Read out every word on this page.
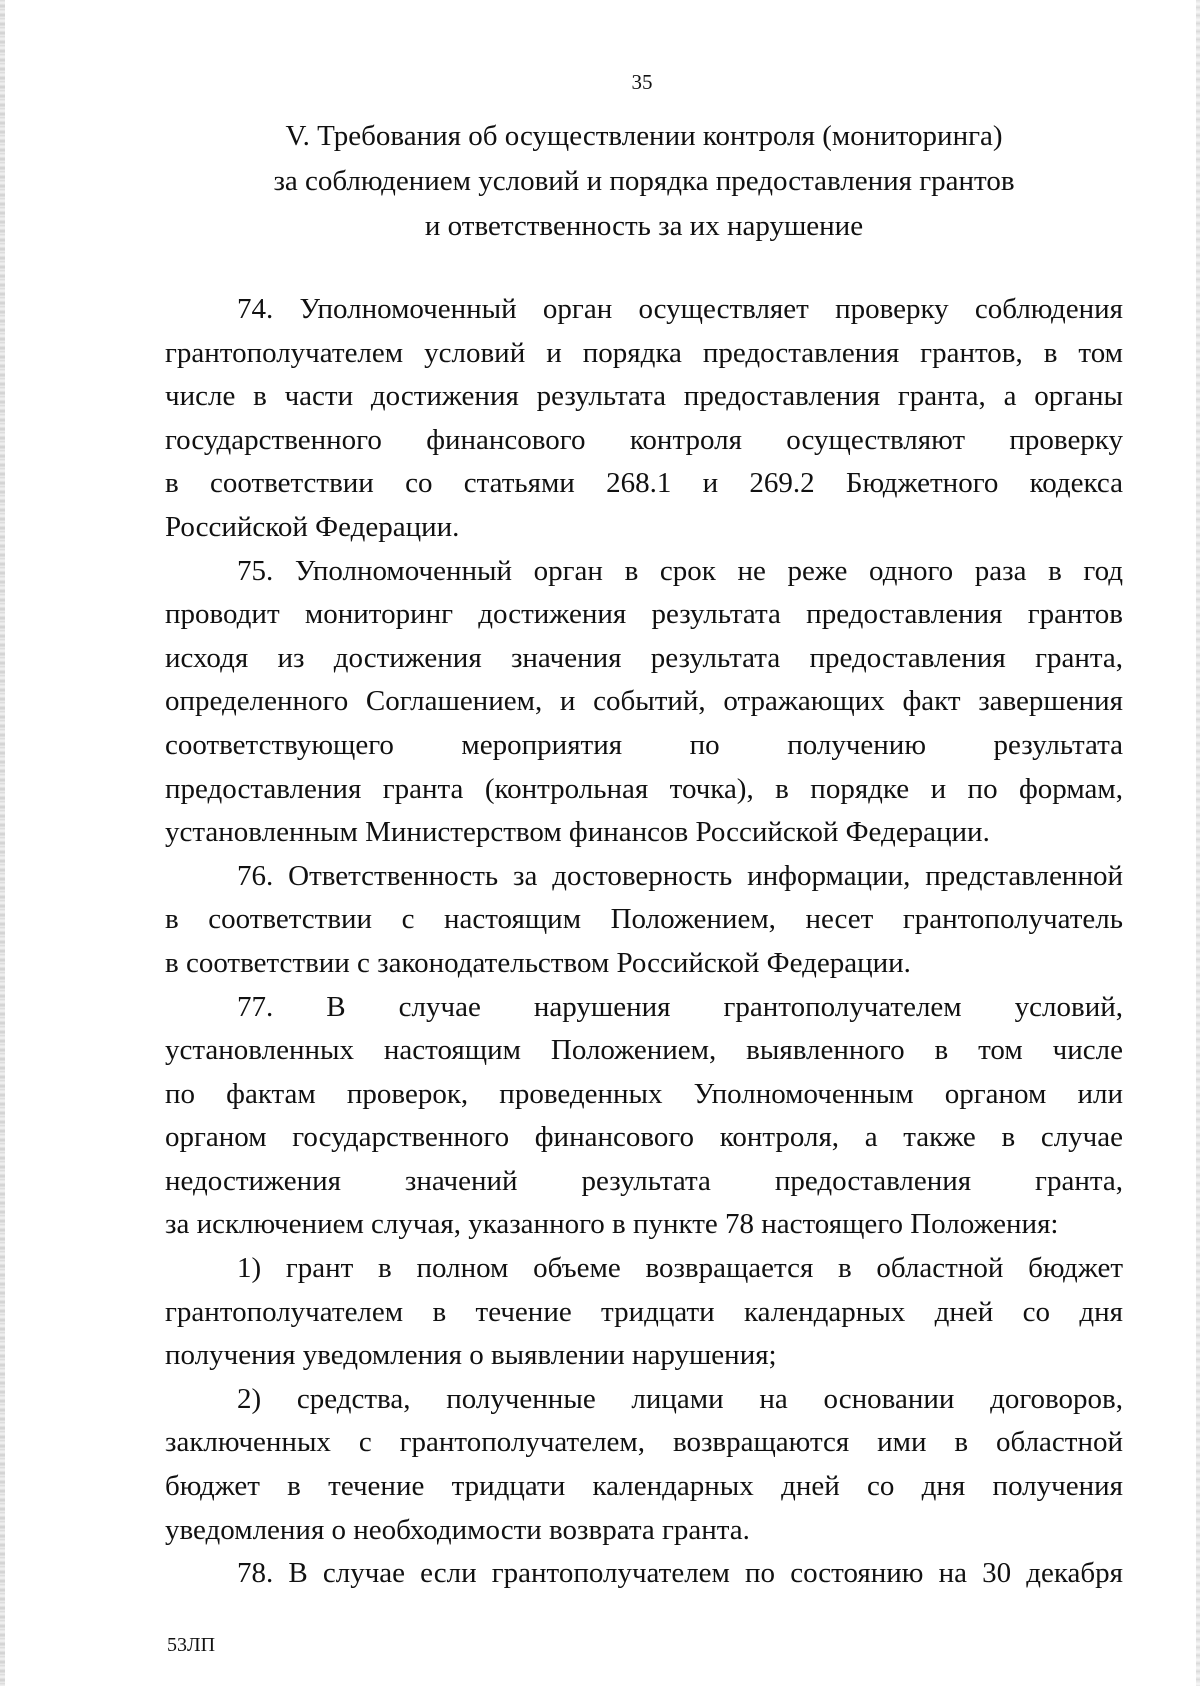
35
V. Требования об осуществлении контроля (мониторинга)
за соблюдением условий и порядка предоставления грантов
и ответственность за их нарушение
74. Уполномоченный орган осуществляет проверку соблюдения
грантополучателем условий и порядка предоставления грантов, в том
числе в части достижения результата предоставления гранта, а органы
государственного финансового контроля осуществляют проверку
в соответствии со статьями 268.1 и 269.2 Бюджетного кодекса
Российской Федерации.
75. Уполномоченный орган в срок не реже одного раза в год
проводит мониторинг достижения результата предоставления грантов
исходя из достижения значения результата предоставления гранта,
определенного Соглашением, и событий, отражающих факт завершения
соответствующего мероприятия по получению результата
предоставления гранта (контрольная точка), в порядке и по формам,
установленным Министерством финансов Российской Федерации.
76. Ответственность за достоверность информации, представленной
в соответствии с настоящим Положением, несет грантополучатель
в соответствии с законодательством Российской Федерации.
77. В случае нарушения грантополучателем условий,
установленных настоящим Положением, выявленного в том числе
по фактам проверок, проведенных Уполномоченным органом или
органом государственного финансового контроля, а также в случае
недостижения значений результата предоставления гранта,
за исключением случая, указанного в пункте 78 настоящего Положения:
1) грант в полном объеме возвращается в областной бюджет
грантополучателем в течение тридцати календарных дней со дня
получения уведомления о выявлении нарушения;
2) средства, полученные лицами на основании договоров,
заключенных с грантополучателем, возвращаются ими в областной
бюджет в течение тридцати календарных дней со дня получения
уведомления о необходимости возврата гранта.
78. В случае если грантополучателем по состоянию на 30 декабря
53ЛП
